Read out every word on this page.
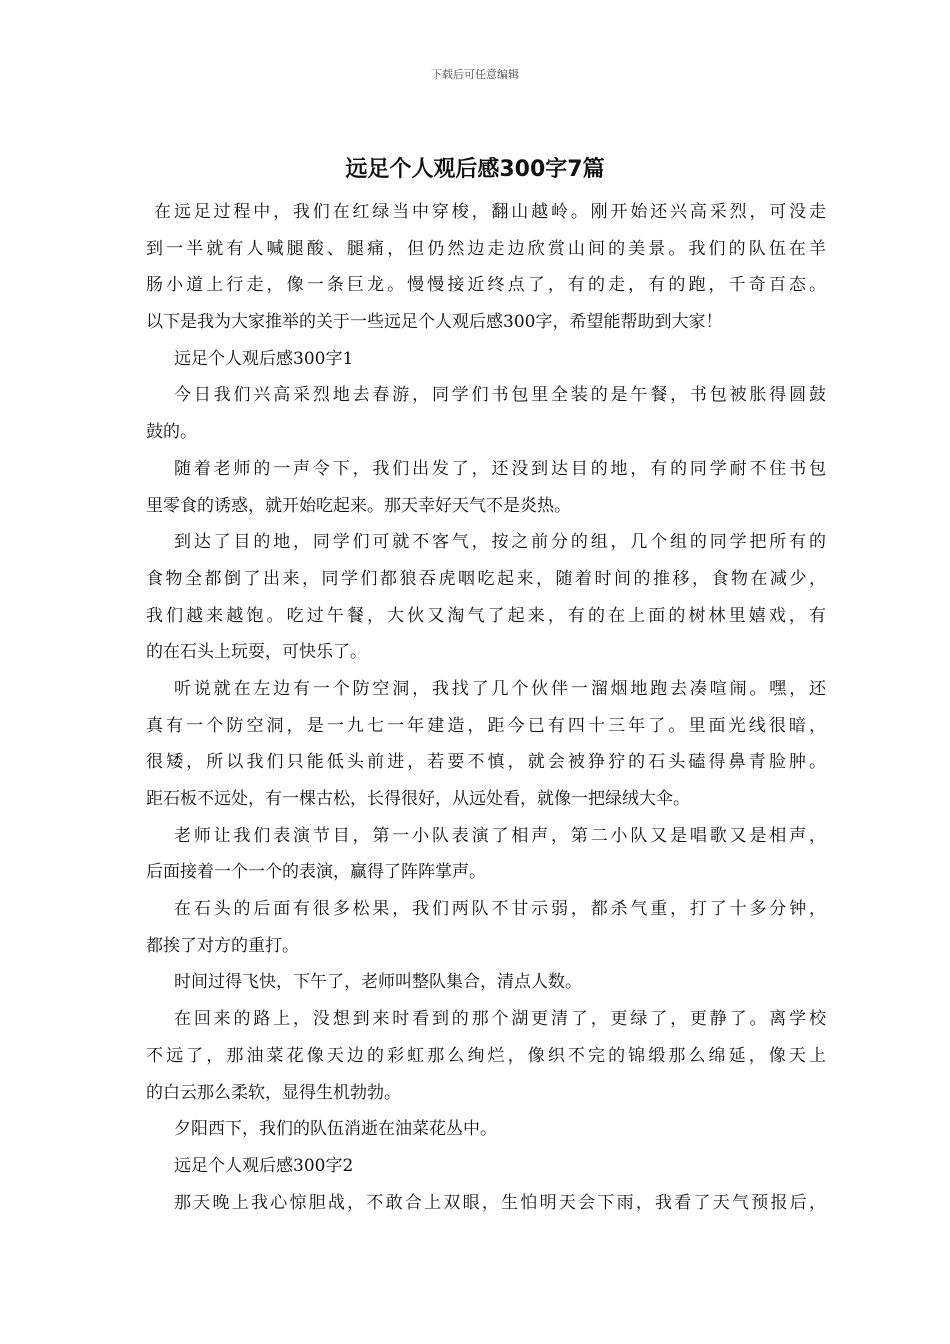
下载后可任意编辑
远足个人观后感300字7篇
在远足过程中，我们在红绿当中穿梭，翻山越岭。刚开始还兴高采烈，可没走
到一半就有人喊腿酸、腿痛，但仍然边走边欣赏山间的美景。我们的队伍在羊
肠小道上行走，像一条巨龙。慢慢接近终点了，有的走，有的跑，千奇百态。
以下是我为大家推举的关于一些远足个人观后感300字，希望能帮助到大家！
远足个人观后感300字1
今日我们兴高采烈地去春游，同学们书包里全装的是午餐，书包被胀得圆鼓
鼓的。
随着老师的一声令下，我们出发了，还没到达目的地，有的同学耐不住书包
里零食的诱惑，就开始吃起来。那天幸好天气不是炎热。
到达了目的地，同学们可就不客气，按之前分的组，几个组的同学把所有的
食物全都倒了出来，同学们都狼吞虎咽吃起来，随着时间的推移，食物在减少，
我们越来越饱。吃过午餐，大伙又淘气了起来，有的在上面的树林里嬉戏，有
的在石头上玩耍，可快乐了。
听说就在左边有一个防空洞，我找了几个伙伴一溜烟地跑去凑喧闹。嘿，还
真有一个防空洞，是一九七一年建造，距今已有四十三年了。里面光线很暗，
很矮，所以我们只能低头前进，若要不慎，就会被狰狞的石头磕得鼻青脸肿。
距石板不远处，有一棵古松，长得很好，从远处看，就像一把绿绒大伞。
老师让我们表演节目，第一小队表演了相声，第二小队又是唱歌又是相声，
后面接着一个一个的表演，赢得了阵阵掌声。
在石头的后面有很多松果，我们两队不甘示弱，都杀气重，打了十多分钟，
都挨了对方的重打。
时间过得飞快，下午了，老师叫整队集合，清点人数。
在回来的路上，没想到来时看到的那个湖更清了，更绿了，更静了。离学校
不远了，那油菜花像天边的彩虹那么绚烂，像织不完的锦缎那么绵延，像天上
的白云那么柔软，显得生机勃勃。
夕阳西下，我们的队伍消逝在油菜花丛中。
远足个人观后感300字2
那天晚上我心惊胆战，不敢合上双眼，生怕明天会下雨，我看了天气预报后，
